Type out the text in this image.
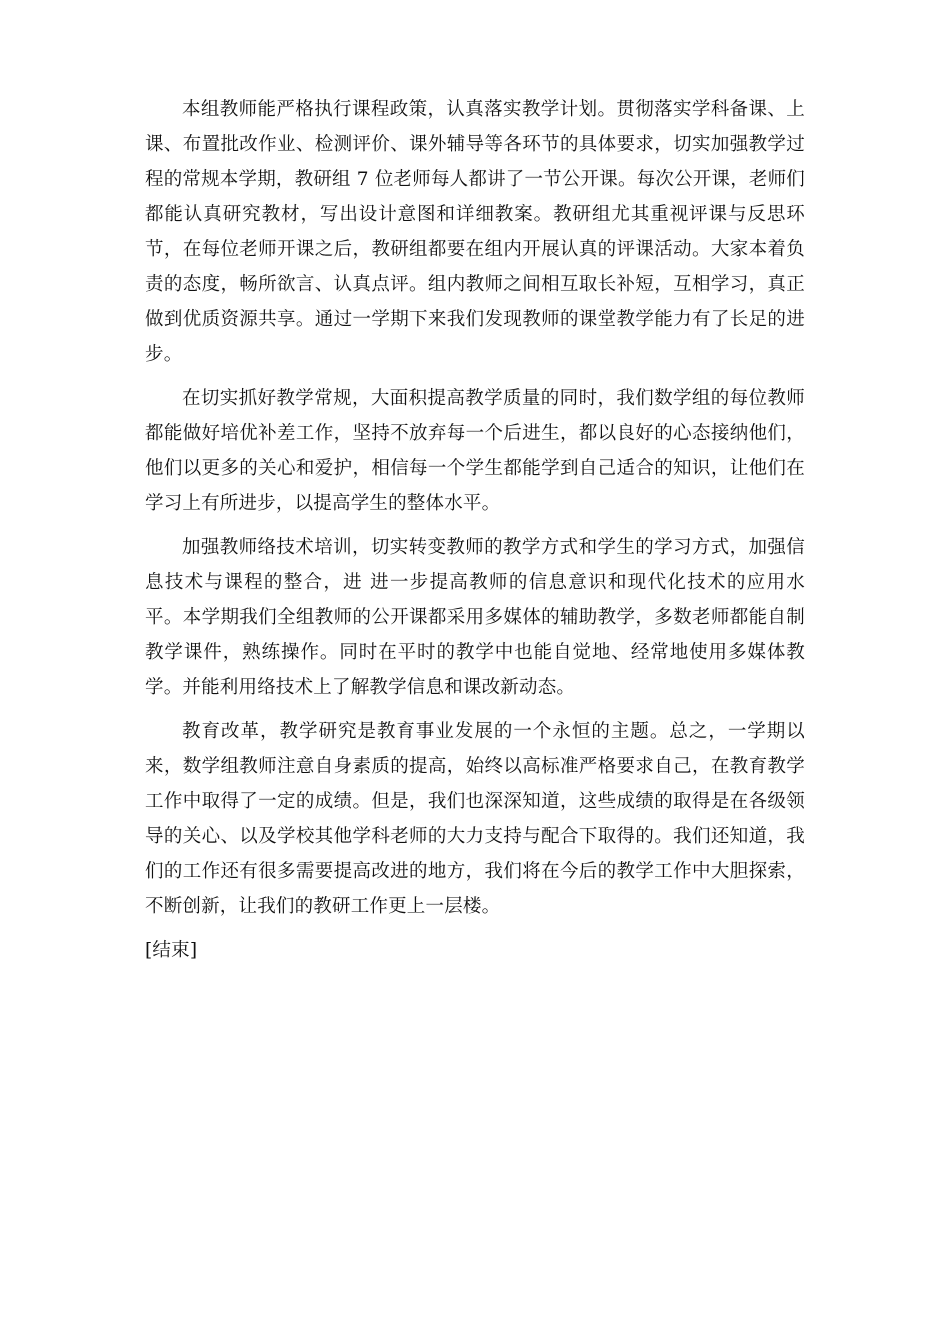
本组教师能严格执行课程政策，认真落实教学计划。贯彻落实学科备课、上课、布置批改作业、检测评价、课外辅导等各环节的具体要求，切实加强教学过程的常规本学期，教研组 7 位老师每人都讲了一节公开课。每次公开课，老师们都能认真研究教材，写出设计意图和详细教案。教研组尤其重视评课与反思环节，在每位老师开课之后，教研组都要在组内开展认真的评课活动。大家本着负责的态度，畅所欲言、认真点评。组内教师之间相互取长补短，互相学习，真正做到优质资源共享。通过一学期下来我们发现教师的课堂教学能力有了长足的进步。

在切实抓好教学常规，大面积提高教学质量的同时，我们数学组的每位教师都能做好培优补差工作，坚持不放弃每一个后进生，都以良好的心态接纳他们，他们以更多的关心和爱护，相信每一个学生都能学到自己适合的知识，让他们在学习上有所进步，以提高学生的整体水平。

加强教师络技术培训，切实转变教师的教学方式和学生的学习方式，加强信息技术与课程的整合，进 进一步提高教师的信息意识和现代化技术的应用水平。本学期我们全组教师的公开课都采用多媒体的辅助教学，多数老师都能自制教学课件，熟练操作。同时在平时的教学中也能自觉地、经常地使用多媒体教学。并能利用络技术上了解教学信息和课改新动态。

教育改革，教学研究是教育事业发展的一个永恒的主题。总之，一学期以来，数学组教师注意自身素质的提高，始终以高标准严格要求自己，在教育教学工作中取得了一定的成绩。但是，我们也深深知道，这些成绩的取得是在各级领导的关心、以及学校其他学科老师的大力支持与配合下取得的。我们还知道，我们的工作还有很多需要提高改进的地方，我们将在今后的教学工作中大胆探索，不断创新，让我们的教研工作更上一层楼。

[结束]
